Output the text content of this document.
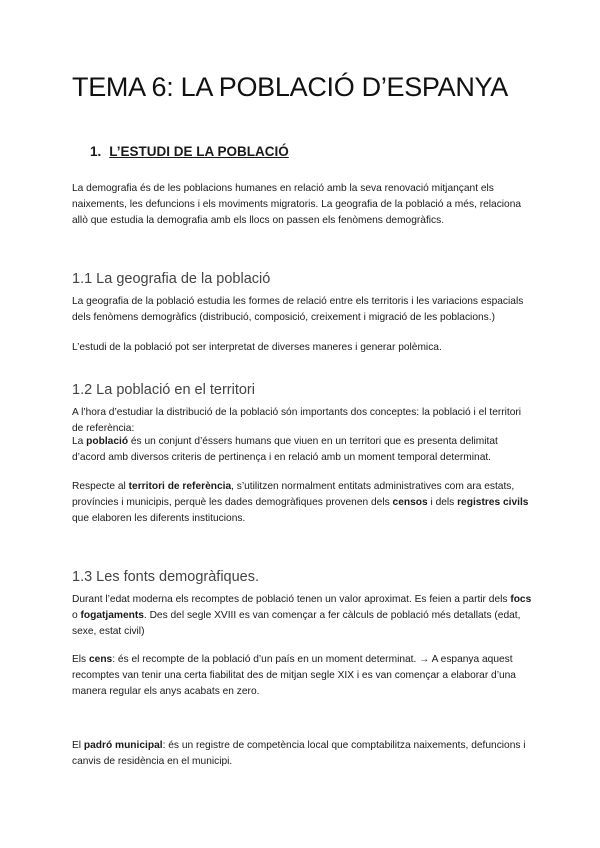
TEMA 6: LA POBLACIÓ D’ESPANYA
1. L’ESTUDI DE LA POBLACIÓ

La demografia és de les poblacions humanes en relació amb la seva renovació mitjançant els naixements, les defuncions i els moviments migratoris. La geografia de la població a més, relaciona allò que estudia la demografia amb els llocs on passen els fenòmens demogràfics.

1.1 La geografia de la població

La geografia de la població estudia les formes de relació entre els territoris i les variacions espacials dels fenòmens demogràfics (distribució, composició, creixement i migració de les poblacions.)

L’estudi de la població pot ser interpretat de diverses maneres i generar polèmica.

1.2 La població en el territori

A l’hora d’estudiar la distribució de la població són importants dos conceptes: la població i el territori de referència:

La població és un conjunt d’éssers humans que viuen en un territori que es presenta delimitat d’acord amb diversos criteris de pertinença i en relació amb un moment temporal determinat.

Respecte al territori de referència, s’utilitzen normalment entitats administratives com ara estats, províncies i municipis, perquè les dades demogràfiques provenen dels censos i dels registres civils que elaboren les diferents institucions.

1.3 Les fonts demogràfiques.

Durant l’edat moderna els recomptes de població tenen un valor aproximat. Es feien a partir dels focs o fogatjaments. Des del segle XVIII es van començar a fer càlculs de població més detallats (edat, sexe, estat civil)

Els cens: és el recompte de la població d’un país en un moment determinat. → A espanya aquest recomptes van tenir una certa fiabilitat des de mitjan segle XIX i es van començar a elaborar d’una manera regular els anys acabats en zero.

El padró municipal: és un registre de competència local que comptabilitza naixements, defuncions i canvis de residència en el municipi.
